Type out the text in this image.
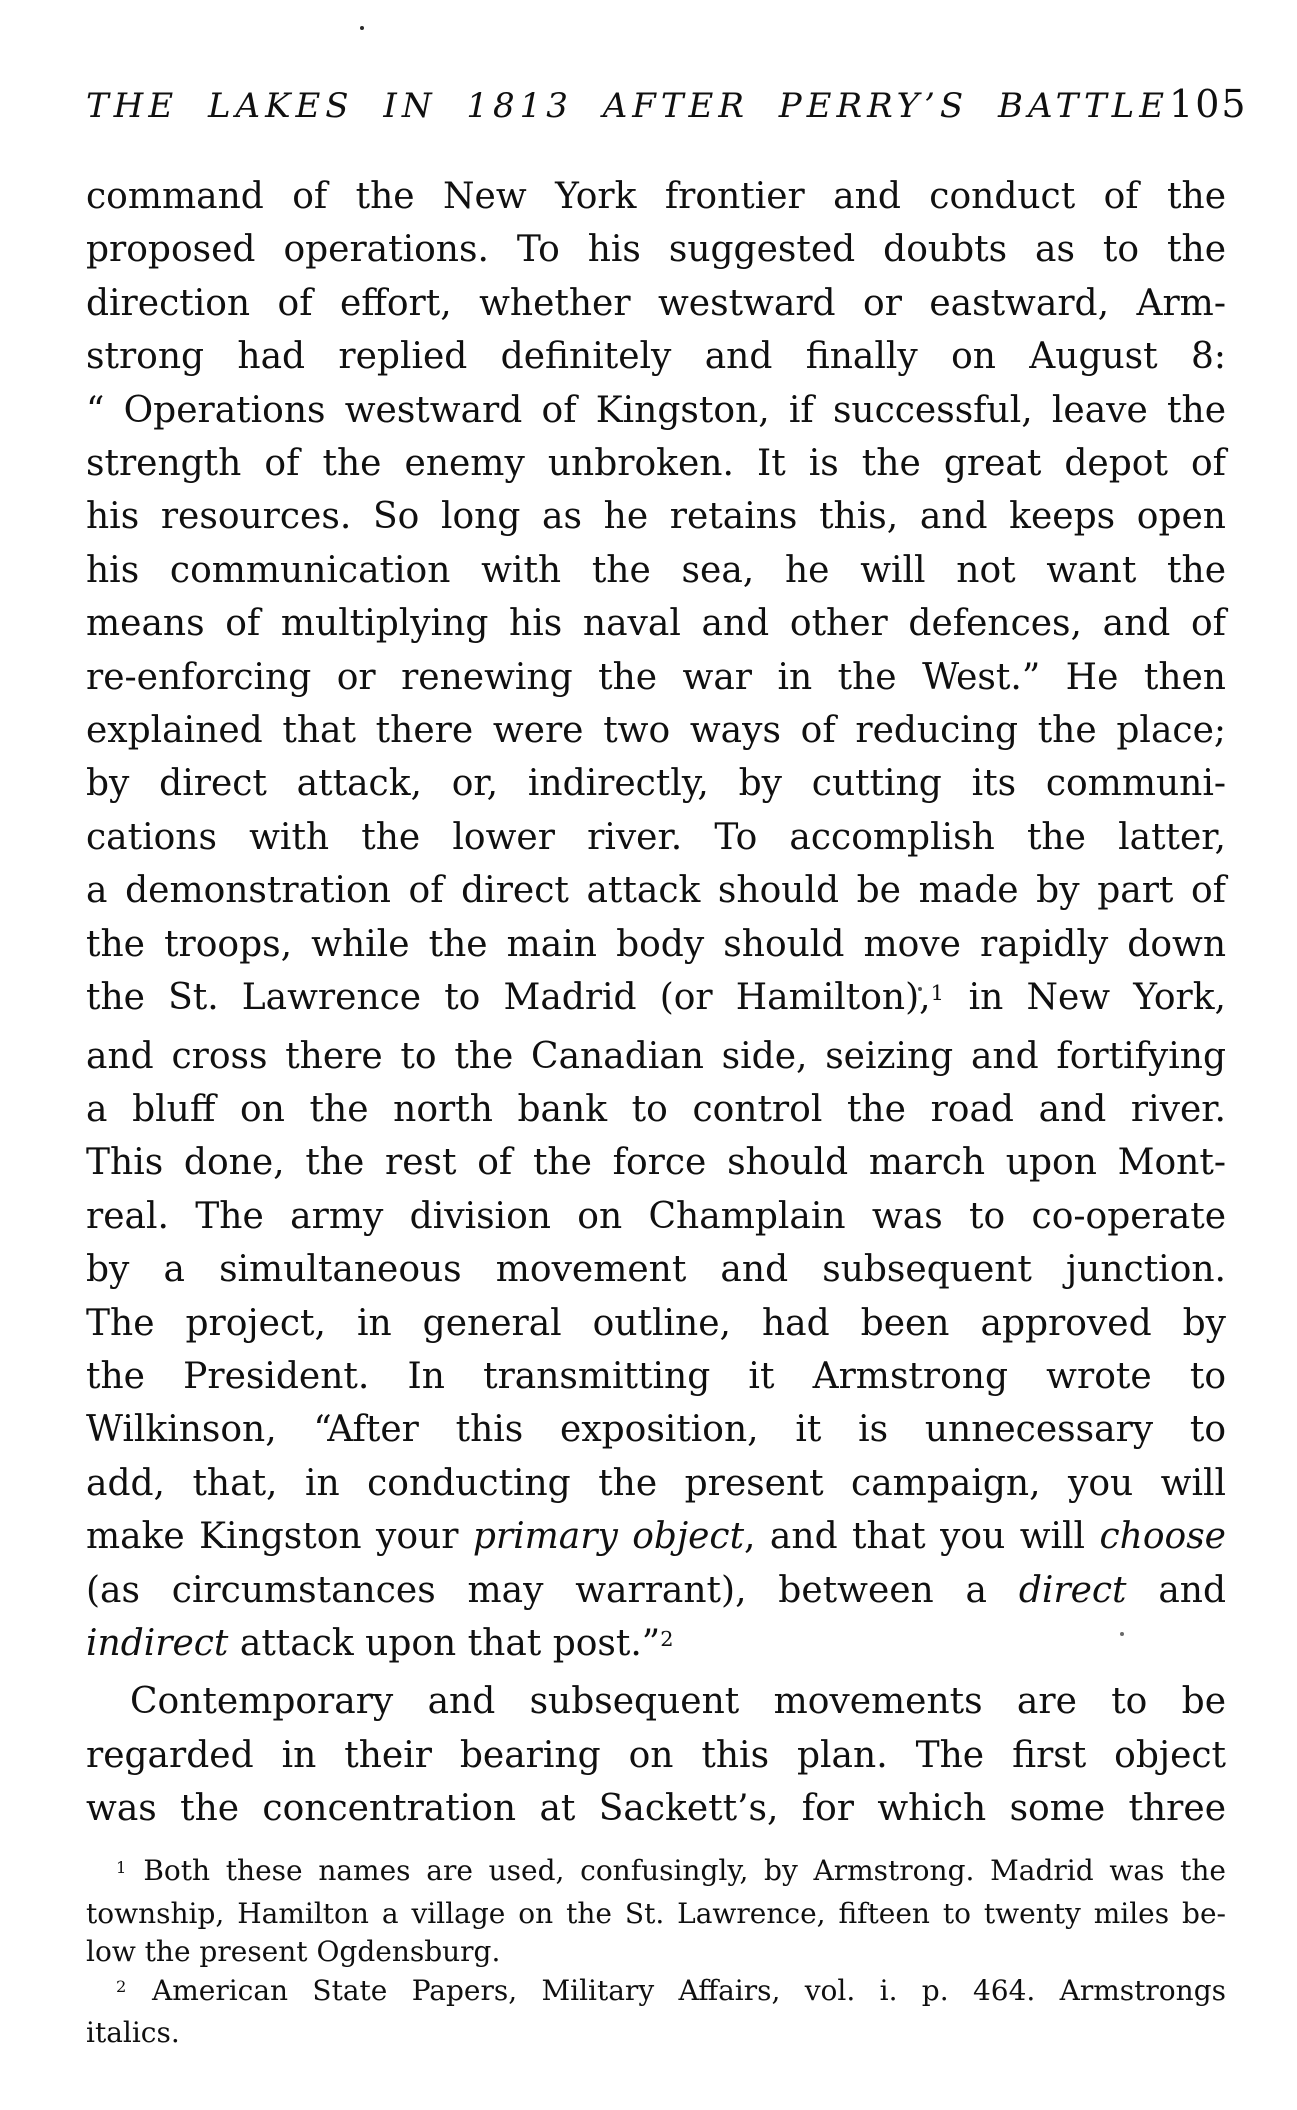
THE LAKES IN 1813 AFTER PERRY’S BATTLE 105
command of the New York frontier and conduct of the
proposed operations. To his suggested doubts as to the
direction of effort, whether westward or eastward, Arm-
strong had replied definitely and finally on August 8:
“ Operations westward of Kingston, if successful, leave the
strength of the enemy unbroken. It is the great depot of
his resources. So long as he retains this, and keeps open
his communication with the sea, he will not want the
means of multiplying his naval and other defences, and of
re-enforcing or renewing the war in the West.” He then
explained that there were two ways of reducing the place;
by direct attack, or, indirectly, by cutting its communi-
cations with the lower river. To accomplish the latter,
a demonstration of direct attack should be made by part of
the troops, while the main body should move rapidly down
the St. Lawrence to Madrid (or Hamilton),$^1$ in New York,
and cross there to the Canadian side, seizing and fortifying
a bluff on the north bank to control the road and river.
This done, the rest of the force should march upon Mont-
real. The army division on Champlain was to co-operate
by a simultaneous movement and subsequent junction.
The project, in general outline, had been approved by
the President. In transmitting it Armstrong wrote to
Wilkinson, “After this exposition, it is unnecessary to
add, that, in conducting the present campaign, you will
make Kingston your primary object, and that you will choose
(as circumstances may warrant), between a direct and
indirect attack upon that post.”$^2$
Contemporary and subsequent movements are to be
regarded in their bearing on this plan. The first object
was the concentration at Sackett’s, for which some three
$^1$ Both these names are used, confusingly, by Armstrong. Madrid was the
township, Hamilton a village on the St. Lawrence, fifteen to twenty miles be-
low the present Ogdensburg.
$^2$ American State Papers, Military Affairs, vol. i. p. 464. Armstrongs
italics.
